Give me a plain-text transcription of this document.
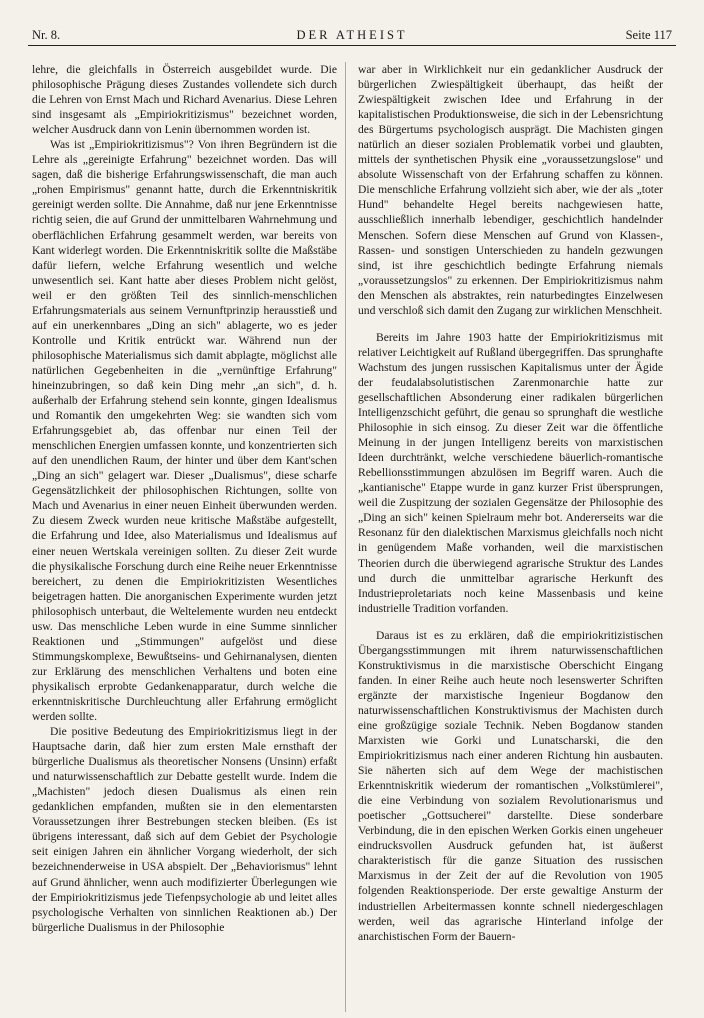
Nr. 8.	DER ATHEIST	Seite 117

lehre, die gleichfalls in Österreich ausgebildet wurde. Die philosophische Prägung dieses Zustandes vollendete sich durch die Lehren von Ernst Mach und Richard Avenarius. Diese Lehren sind insgesamt als „Empiriokritizismus" bezeichnet worden, welcher Ausdruck dann von Lenin übernommen worden ist.

Was ist „Empiriokritizismus"? Von ihren Begründern ist die Lehre als „gereinigte Erfahrung" bezeichnet worden. Das will sagen, daß die bisherige Erfahrungswissenschaft, die man auch „rohen Empirismus" genannt hatte, durch die Erkenntniskritik gereinigt werden sollte. Die Annahme, daß nur jene Erkenntnisse richtig seien, die auf Grund der unmittelbaren Wahrnehmung und oberflächlichen Erfahrung gesammelt werden, war bereits von Kant widerlegt worden. Die Erkenntniskritik sollte die Maßstäbe dafür liefern, welche Erfahrung wesentlich und welche unwesentlich sei. Kant hatte aber dieses Problem nicht gelöst, weil er den größten Teil des sinnlich-menschlichen Erfahrungsmaterials aus seinem Vernunftprinzip herausstieß und auf ein unerkennbares „Ding an sich" ablagerte, wo es jeder Kontrolle und Kritik entrückt war. Während nun der philosophische Materialismus sich damit abplagte, möglichst alle natürlichen Gegebenheiten in die „vernünftige Erfahrung" hineinzubringen, so daß kein Ding mehr „an sich", d. h. außerhalb der Erfahrung stehend sein konnte, gingen Idealismus und Romantik den umgekehrten Weg: sie wandten sich vom Erfahrungsgebiet ab, das offenbar nur einen Teil der menschlichen Energien umfassen konnte, und konzentrierten sich auf den unendlichen Raum, der hinter und über dem Kant'schen „Ding an sich" gelagert war. Dieser „Dualismus", diese scharfe Gegensätzlichkeit der philosophischen Richtungen, sollte von Mach und Avenarius in einer neuen Einheit überwunden werden. Zu diesem Zweck wurden neue kritische Maßstäbe aufgestellt, die Erfahrung und Idee, also Materialismus und Idealismus auf einer neuen Wertskala vereinigen sollten. Zu dieser Zeit wurde die physikalische Forschung durch eine Reihe neuer Erkenntnisse bereichert, zu denen die Empiriokritizisten Wesentliches beigetragen hatten. Die anorganischen Experimente wurden jetzt philosophisch unterbaut, die Weltelemente wurden neu entdeckt usw. Das menschliche Leben wurde in eine Summe sinnlicher Reaktionen und „Stimmungen" aufgelöst und diese Stimmungskomplexe, Bewußtseins- und Gehirnanalysen, dienten zur Erklärung des menschlichen Verhaltens und boten eine physikalisch erprobte Gedankenapparatur, durch welche die erkenntniskritische Durchleuchtung aller Erfahrung ermöglicht werden sollte.

Die positive Bedeutung des Empiriokritizismus liegt in der Hauptsache darin, daß hier zum ersten Male ernsthaft der bürgerliche Dualismus als theoretischer Nonsens (Unsinn) erfaßt und naturwissenschaftlich zur Debatte gestellt wurde. Indem die „Machisten" jedoch diesen Dualismus als einen rein gedanklichen empfanden, mußten sie in den elementarsten Voraussetzungen ihrer Bestrebungen stecken bleiben. (Es ist übrigens interessant, daß sich auf dem Gebiet der Psychologie seit einigen Jahren ein ähnlicher Vorgang wiederholt, der sich bezeichnenderweise in USA abspielt. Der „Behaviorismus" lehnt auf Grund ähnlicher, wenn auch modifizierter Überlegungen wie der Empiriokritizismus jede Tiefenpsychologie ab und leitet alles psychologische Verhalten von sinnlichen Reaktionen ab.) Der bürgerliche Dualismus in der Philosophie

war aber in Wirklichkeit nur ein gedanklicher Ausdruck der bürgerlichen Zwiespältigkeit überhaupt, das heißt der Zwiespältigkeit zwischen Idee und Erfahrung in der kapitalistischen Produktionsweise, die sich in der Lebensrichtung des Bürgertums psychologisch ausprägt. Die Machisten gingen natürlich an dieser sozialen Problematik vorbei und glaubten, mittels der synthetischen Physik eine „voraussetzungslose" und absolute Wissenschaft von der Erfahrung schaffen zu können. Die menschliche Erfahrung vollzieht sich aber, wie der als „toter Hund" behandelte Hegel bereits nachgewiesen hatte, ausschließlich innerhalb lebendiger, geschichtlich handelnder Menschen. Sofern diese Menschen auf Grund von Klassen-, Rassen- und sonstigen Unterschieden zu handeln gezwungen sind, ist ihre geschichtlich bedingte Erfahrung niemals „voraussetzungslos" zu erkennen. Der Empiriokritizismus nahm den Menschen als abstraktes, rein naturbedingtes Einzelwesen und verschloß sich damit den Zugang zur wirklichen Menschheit.

Bereits im Jahre 1903 hatte der Empiriokritizismus mit relativer Leichtigkeit auf Rußland übergegriffen. Das sprunghafte Wachstum des jungen russischen Kapitalismus unter der Ägide der feudalabsolutistischen Zarenmonarchie hatte zur gesellschaftlichen Absonderung einer radikalen bürgerlichen Intelligenzschicht geführt, die genau so sprunghaft die westliche Philosophie in sich einsog. Zu dieser Zeit war die öffentliche Meinung in der jungen Intelligenz bereits von marxistischen Ideen durchtränkt, welche verschiedene bäuerlich-romantische Rebellionsstimmungen abzulösen im Begriff waren. Auch die „kantianische" Etappe wurde in ganz kurzer Frist übersprungen, weil die Zuspitzung der sozialen Gegensätze der Philosophie des „Ding an sich" keinen Spielraum mehr bot. Andererseits war die Resonanz für den dialektischen Marxismus gleichfalls noch nicht in genügendem Maße vorhanden, weil die marxistischen Theorien durch die überwiegend agrarische Struktur des Landes und durch die unmittelbar agrarische Herkunft des Industrieproletariats noch keine Massenbasis und keine industrielle Tradition vorfanden.

Daraus ist es zu erklären, daß die empiriokritizistischen Übergangsstimmungen mit ihrem naturwissenschaftlichen Konstruktivismus in die marxistische Oberschicht Eingang fanden. In einer Reihe auch heute noch lesenswerter Schriften ergänzte der marxistische Ingenieur Bogdanow den naturwissenschaftlichen Konstruktivismus der Machisten durch eine großzügige soziale Technik. Neben Bogdanow standen Marxisten wie Gorki und Lunatscharski, die den Empiriokritizismus nach einer anderen Richtung hin ausbauten. Sie näherten sich auf dem Wege der machistischen Erkenntniskritik wiederum der romantischen „Volkstümlerei", die eine Verbindung von sozialem Revolutionarismus und poetischer „Gottsucherei" darstellte. Diese sonderbare Verbindung, die in den epischen Werken Gorkis einen ungeheuer eindrucksvollen Ausdruck gefunden hat, ist äußerst charakteristisch für die ganze Situation des russischen Marxismus in der Zeit der auf die Revolution von 1905 folgenden Reaktionsperiode. Der erste gewaltige Ansturm der industriellen Arbeitermassen konnte schnell niedergeschlagen werden, weil das agrarische Hinterland infolge der anarchistischen Form der Bauern-
